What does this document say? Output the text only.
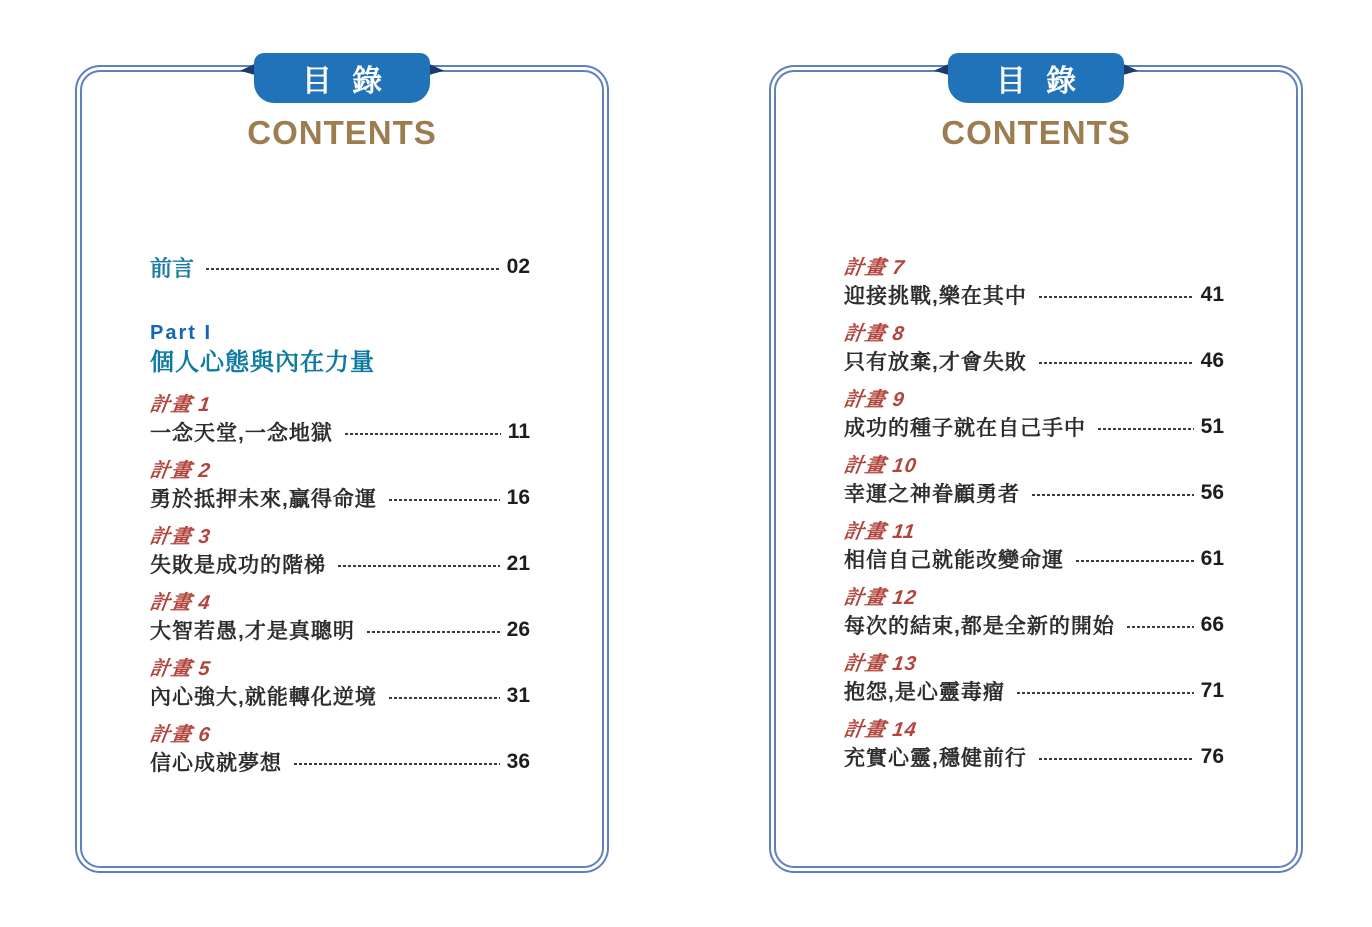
目 錄
CONTENTS
前言	02
Part I
個人心態與內在力量
計畫 1
一念天堂,一念地獄	11
計畫 2
勇於抵押未來,贏得命運	16
計畫 3
失敗是成功的階梯	21
計畫 4
大智若愚,才是真聰明	26
計畫 5
內心強大,就能轉化逆境	31
計畫 6
信心成就夢想	36
目 錄
CONTENTS
計畫 7
迎接挑戰,樂在其中	41
計畫 8
只有放棄,才會失敗	46
計畫 9
成功的種子就在自己手中	51
計畫 10
幸運之神眷顧勇者	56
計畫 11
相信自己就能改變命運	61
計畫 12
每次的結束,都是全新的開始	66
計畫 13
抱怨,是心靈毒瘤	71
計畫 14
充實心靈,穩健前行	76
